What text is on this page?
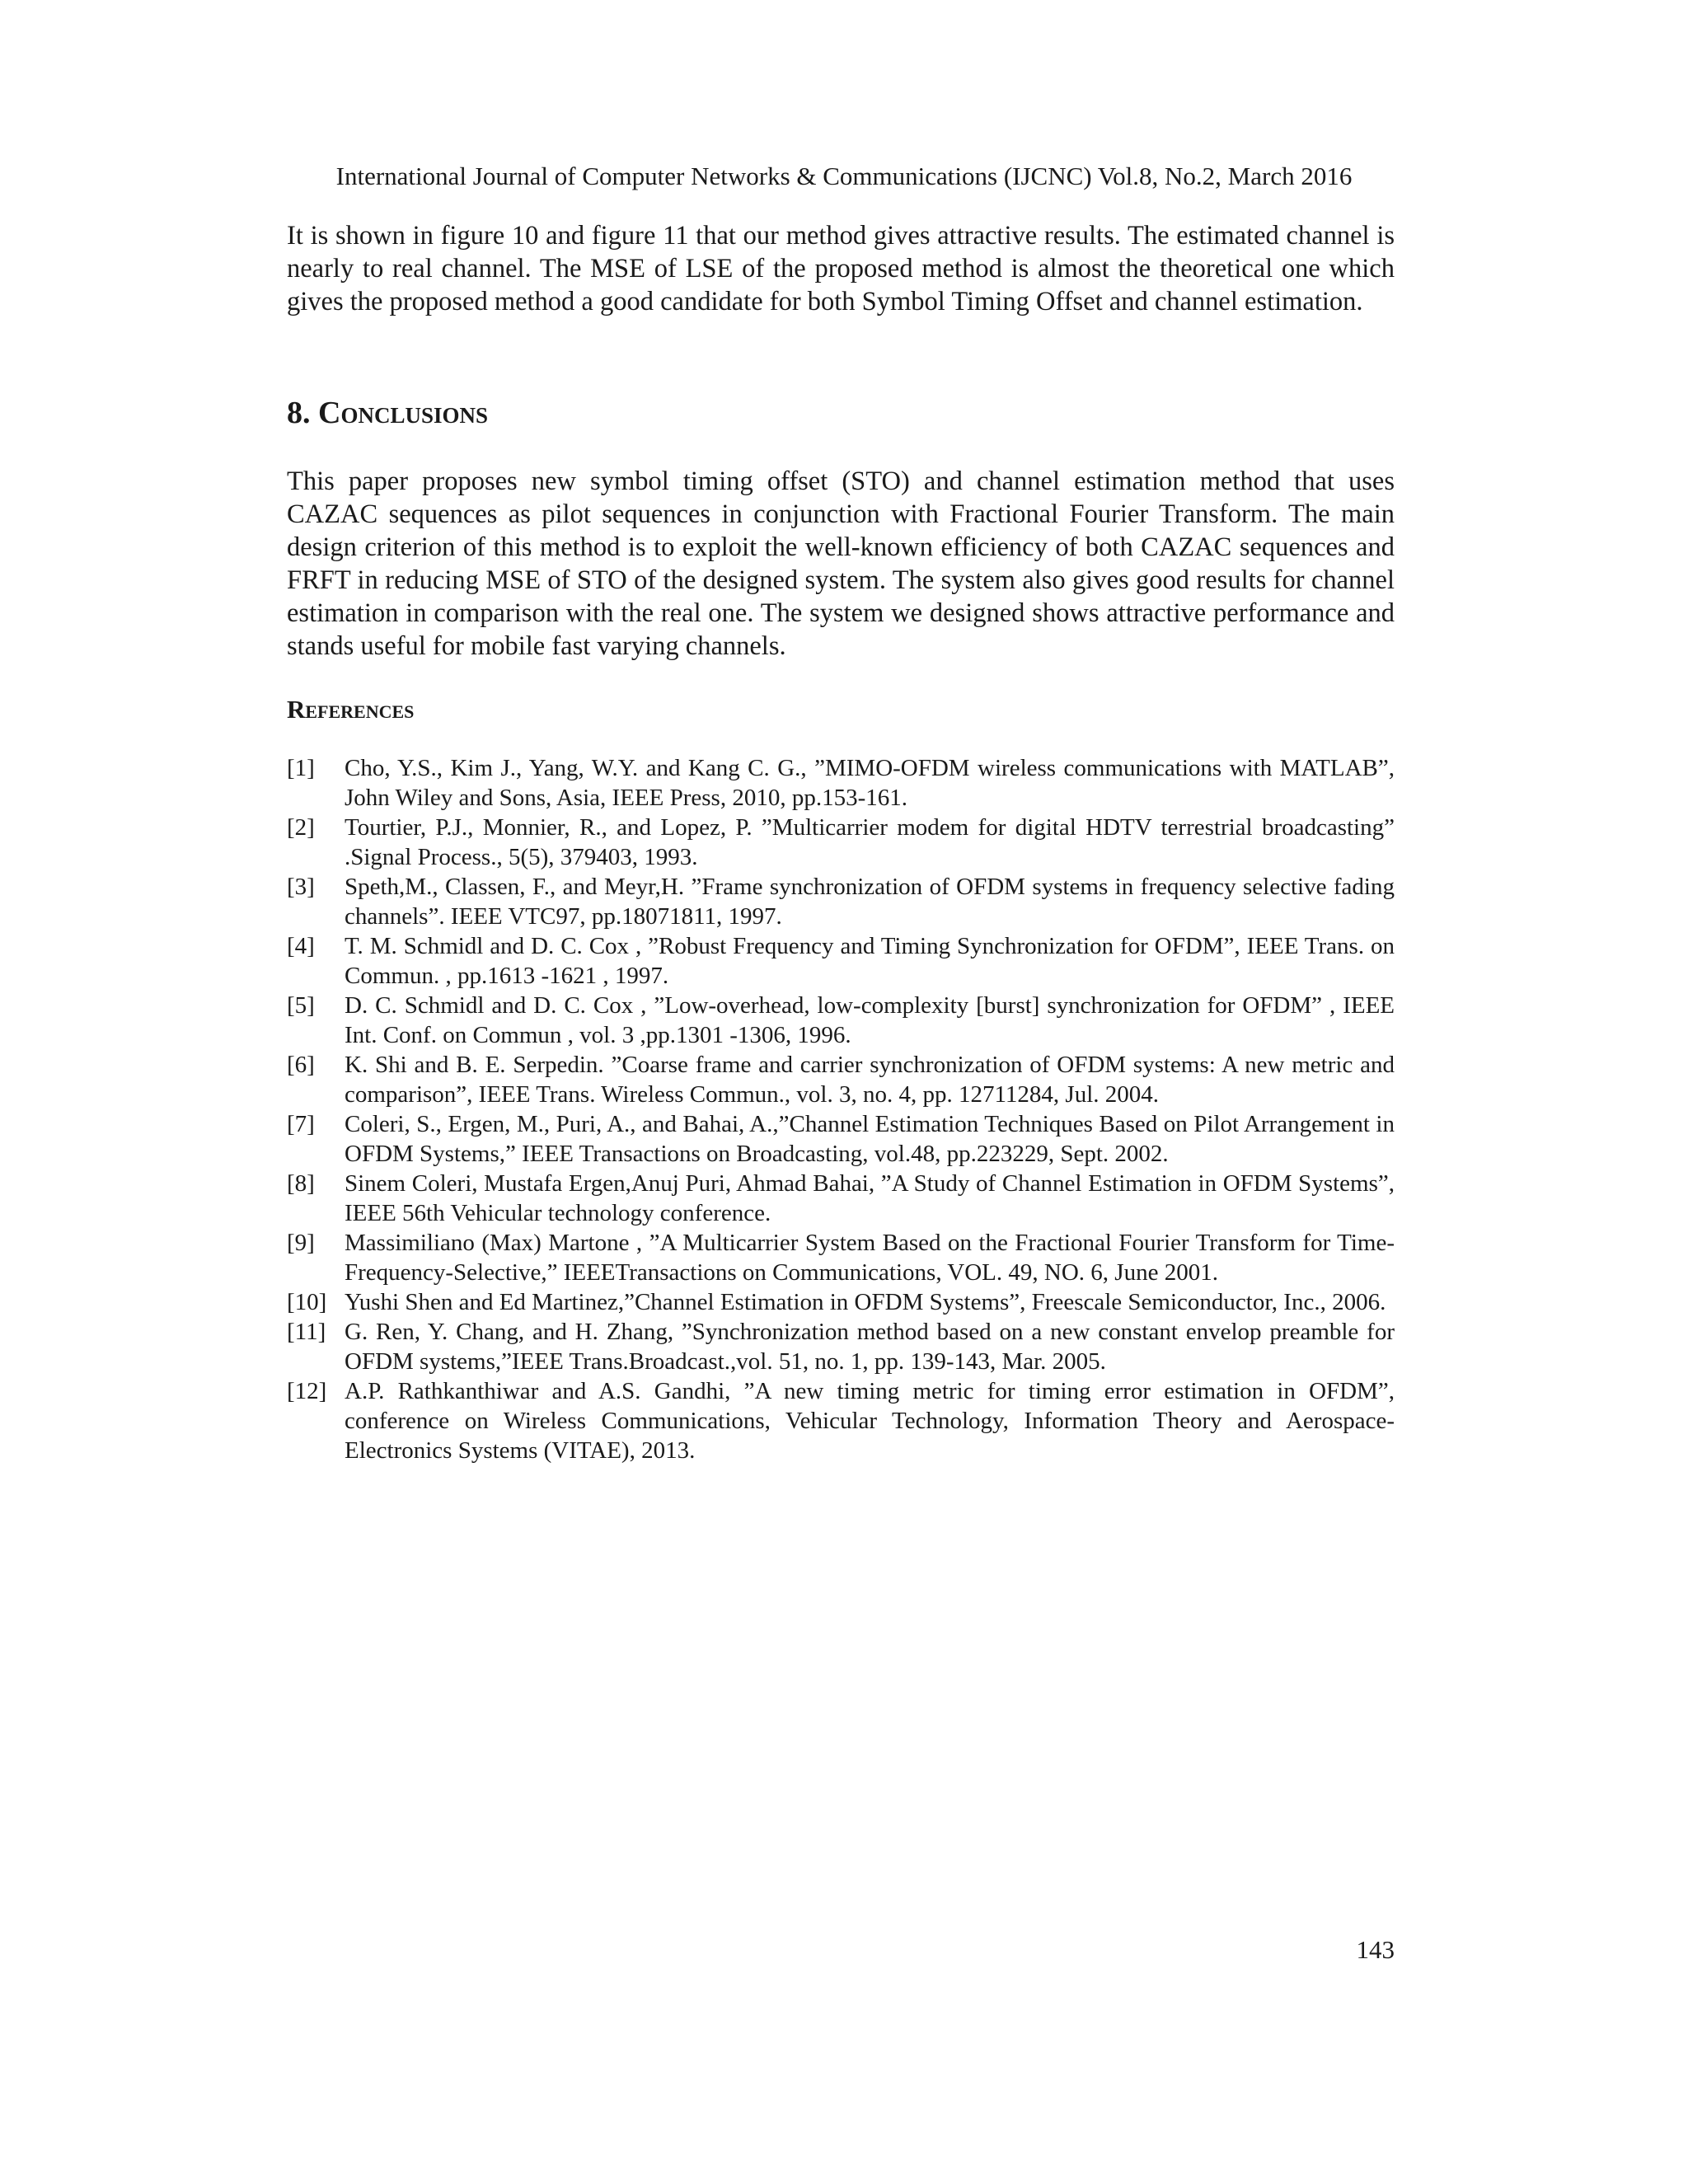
International Journal of Computer Networks & Communications (IJCNC) Vol.8, No.2, March 2016

It is shown in figure 10 and figure 11 that our method gives attractive results. The estimated channel is nearly to real channel. The MSE of LSE of the proposed method is almost the theoretical one which gives the proposed method a good candidate for both Symbol Timing Offset and channel estimation.

8. Conclusions

This paper proposes new symbol timing offset (STO) and channel estimation method that uses CAZAC sequences as pilot sequences in conjunction with Fractional Fourier Transform. The main design criterion of this method is to exploit the well-known efficiency of both CAZAC sequences and FRFT in reducing MSE of STO of the designed system. The system also gives good results for channel estimation in comparison with the real one. The system we designed shows attractive performance and stands useful for mobile fast varying channels.

References
[1]	Cho, Y.S., Kim J., Yang, W.Y. and Kang C. G., ”MIMO-OFDM wireless communications with MATLAB”, John Wiley and Sons, Asia, IEEE Press, 2010, pp.153-161.
[2]	Tourtier, P.J., Monnier, R., and Lopez, P. ”Multicarrier modem for digital HDTV terrestrial broadcasting” .Signal Process., 5(5), 379403, 1993.
[3]	Speth,M., Classen, F., and Meyr,H. ”Frame synchronization of OFDM systems in frequency selective fading channels”. IEEE VTC97, pp.18071811, 1997.
[4]	T. M. Schmidl and D. C. Cox , ”Robust Frequency and Timing Synchronization for OFDM”, IEEE Trans. on Commun. , pp.1613 -1621 , 1997.
[5]	D. C. Schmidl and D. C. Cox , ”Low-overhead, low-complexity [burst] synchronization for OFDM” , IEEE Int. Conf. on Commun , vol. 3 ,pp.1301 -1306, 1996.
[6]	K. Shi and B. E. Serpedin. ”Coarse frame and carrier synchronization of OFDM systems: A new metric and comparison”, IEEE Trans. Wireless Commun., vol. 3, no. 4, pp. 12711284, Jul. 2004.
[7]	Coleri, S., Ergen, M., Puri, A., and Bahai, A.,”Channel Estimation Techniques Based on Pilot Arrangement in OFDM Systems,” IEEE Transactions on Broadcasting, vol.48, pp.223229, Sept. 2002.
[8]	Sinem Coleri, Mustafa Ergen,Anuj Puri, Ahmad Bahai, ”A Study of Channel Estimation in OFDM Systems”, IEEE 56th Vehicular technology conference.
[9]	Massimiliano (Max) Martone , ”A Multicarrier System Based on the Fractional Fourier Transform for Time-Frequency-Selective,” IEEETransactions on Communications, VOL. 49, NO. 6, June 2001.
[10] Yushi Shen and Ed Martinez,”Channel Estimation in OFDM Systems”, Freescale Semiconductor, Inc., 2006.
[11] G. Ren, Y. Chang, and H. Zhang, ”Synchronization method based on a new constant envelop preamble for OFDM systems,”IEEE Trans.Broadcast.,vol. 51, no. 1, pp. 139-143, Mar. 2005.
[12] A.P. Rathkanthiwar and A.S. Gandhi, ”A new timing metric for timing error estimation in OFDM”, conference on Wireless Communications, Vehicular Technology, Information Theory and Aerospace-Electronics Systems (VITAE), 2013.
143
